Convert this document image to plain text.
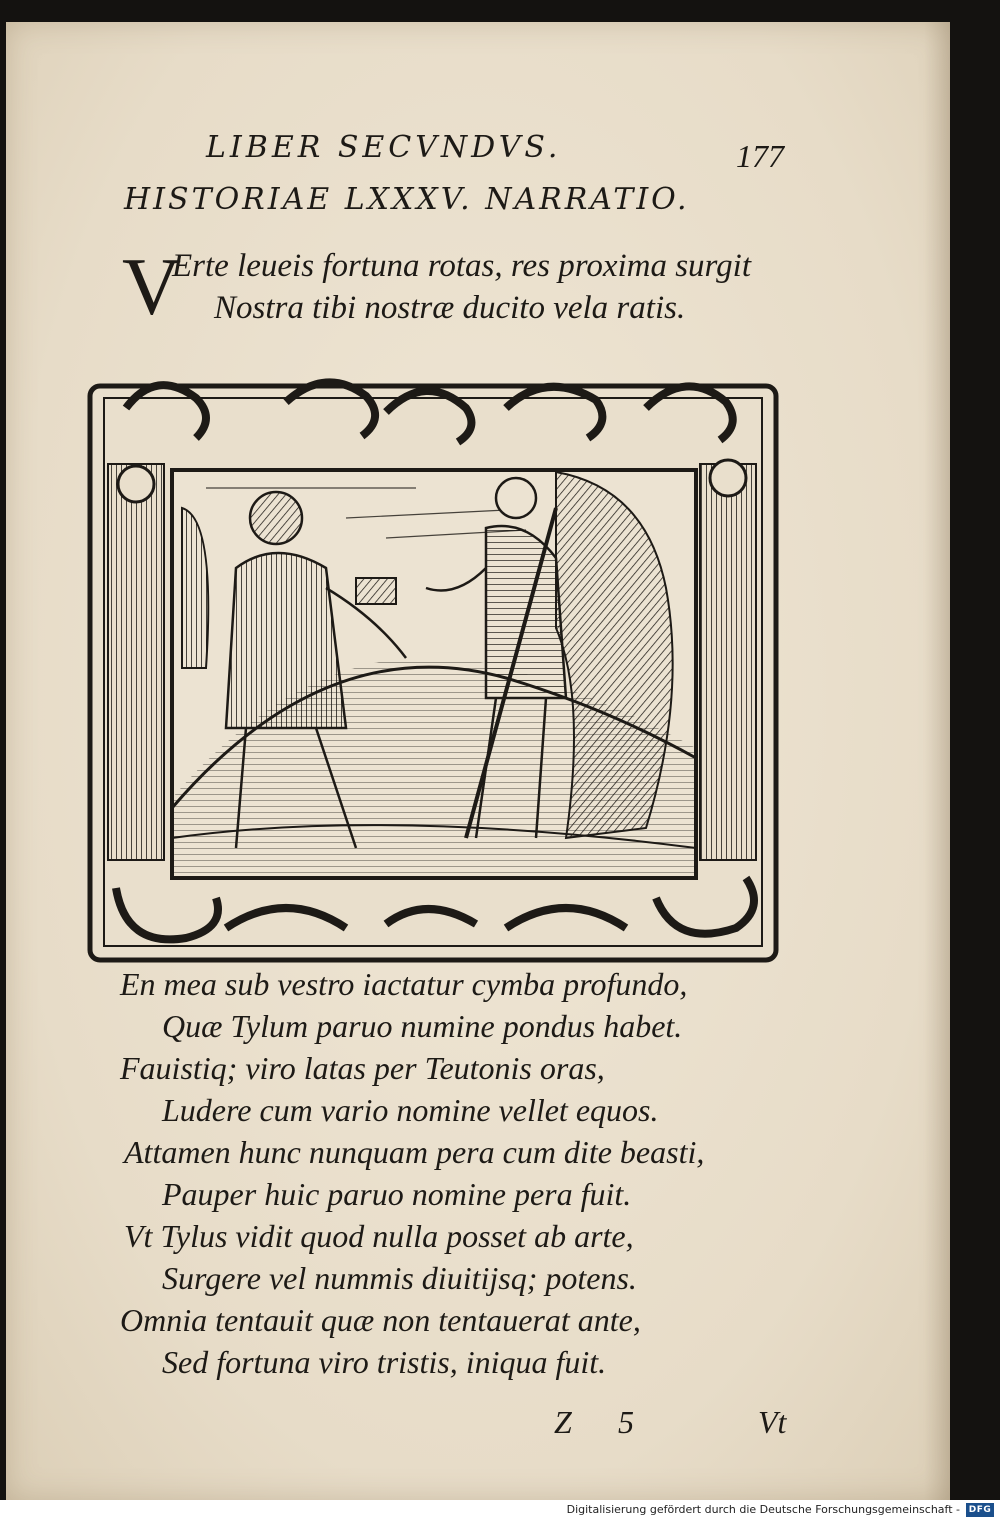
LIBER SECVNDVS.	177
HISTORIAE LXXXV. NARRATIO.
V
Erte leueis fortuna rotas, res proxima surgit
Nostra tibi nostræ ducito vela ratis.
En mea sub vestro iactatur cymba profundo,
Quæ Tylum paruo numine pondus habet.
Fauistiq; viro latas per Teutonis oras,
Ludere cum vario nomine vellet equos.
Attamen hunc nunquam pera cum dite beasti,
Pauper huic paruo nomine pera fuit.
Vt Tylus vidit quod nulla posset ab arte,
Surgere vel nummis diuitijsq; potens.
Omnia tentauit quæ non tentauerat ante,
Sed fortuna viro tristis, iniqua fuit.
Z 5	Vt
Digitalisierung gefördert durch die Deutsche Forschungsgemeinschaft - DFG
